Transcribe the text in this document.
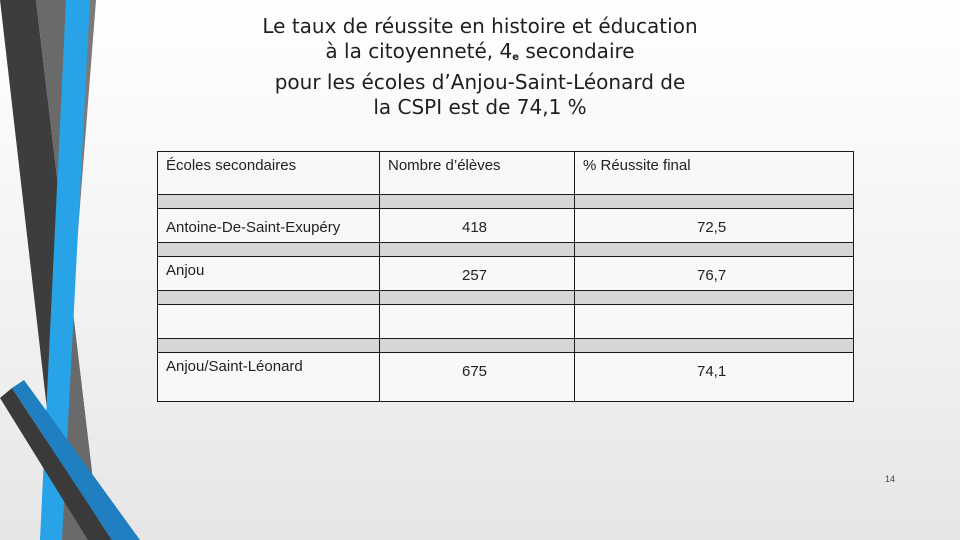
Le taux de réussite en histoire et éducation
à la citoyenneté, 4e secondaire
pour les écoles d’Anjou-Saint-Léonard de
la CSPI est de 74,1 %
Écoles secondaires	Nombre d’élèves	% Réussite final

Antoine-De-Saint-Exupéry	418	72,5

Anjou	257	76,7

Anjou/Saint-Léonard	675	74,1
14
